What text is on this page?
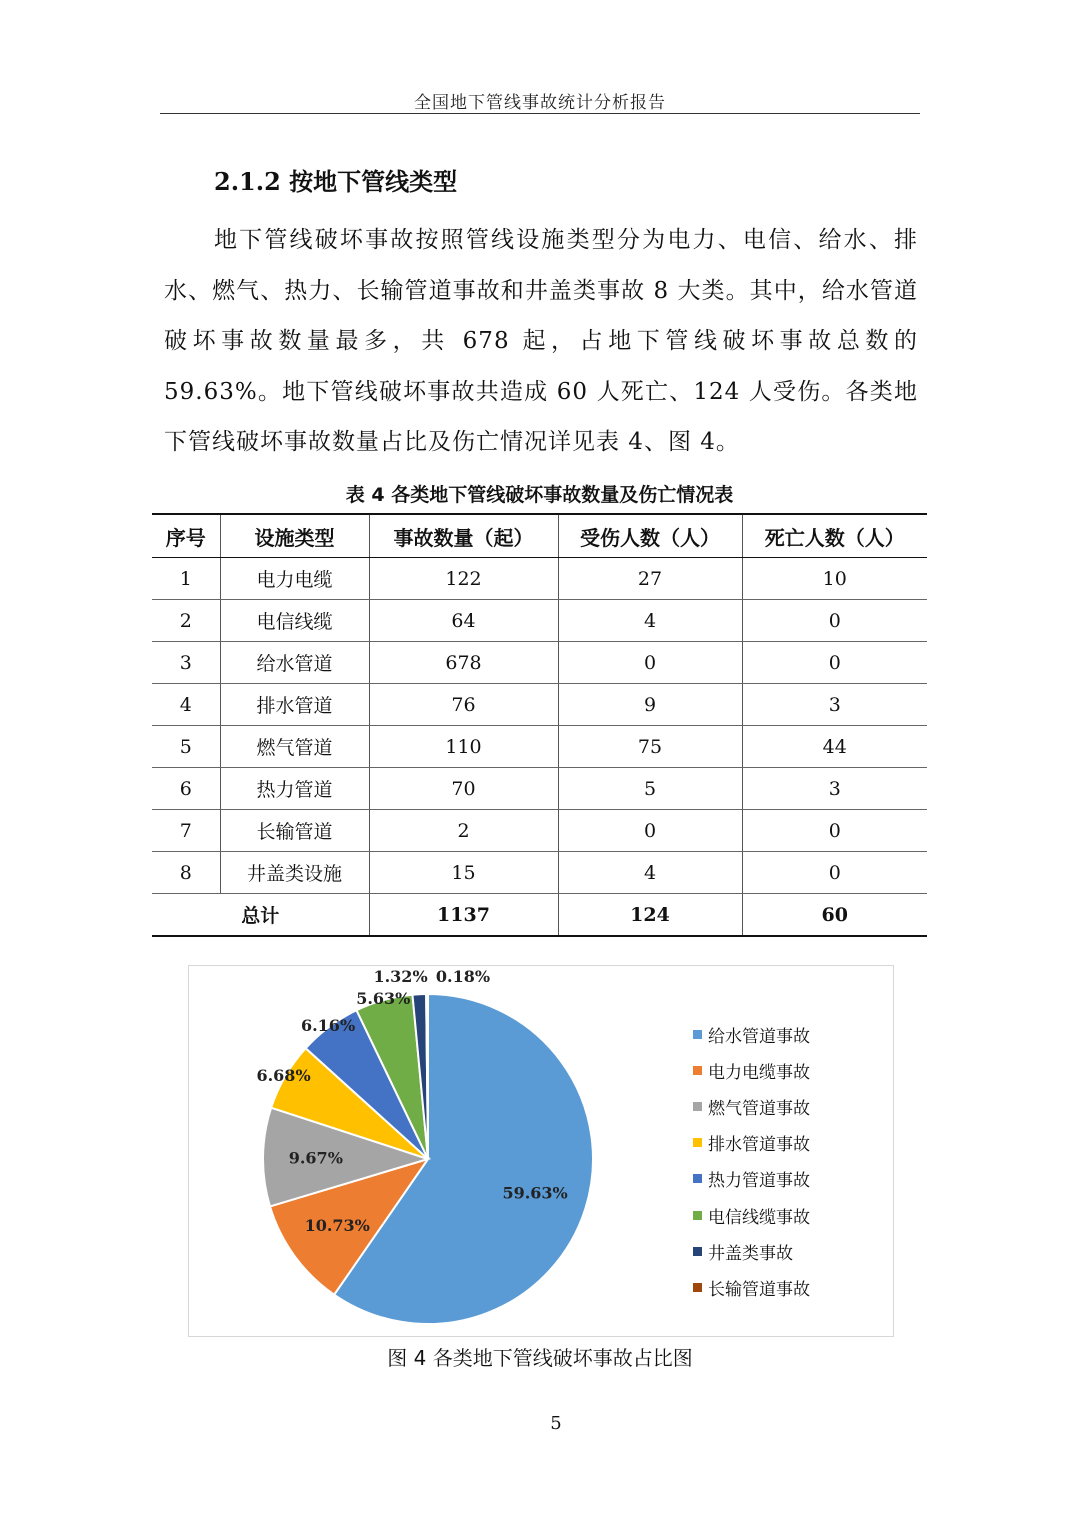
全国地下管线事故统计分析报告
2.1.2 按地下管线类型

地下管线破坏事故按照管线设施类型分为电力、电信、给水、排水、燃气、热力、长输管道事故和井盖类事故 8 大类。其中，给水管道破坏事故数量最多，共 678 起，占地下管线破坏事故总数的 59.63%。地下管线破坏事故共造成 60 人死亡、124 人受伤。各类地下管线破坏事故数量占比及伤亡情况详见表 4、图 4。

表 4 各类地下管线破坏事故数量及伤亡情况表
序号	设施类型	事故数量（起）	受伤人数（人）	死亡人数（人）
1	电力电缆	122	27	10
2	电信线缆	64	4	0
3	给水管道	678	0	0
4	排水管道	76	9	3
5	燃气管道	110	75	44
6	热力管道	70	5	3
7	长输管道	2	0	0
8	井盖类设施	15	4	0
总计		1137	124	60
59.63%
10.73%
9.67%
6.68%
6.16%
5.63%
1.32% 0.18%
给水管道事故
电力电缆事故
燃气管道事故
排水管道事故
热力管道事故
电信线缆事故
井盖类事故
长输管道事故
图 4 各类地下管线破坏事故占比图
5
